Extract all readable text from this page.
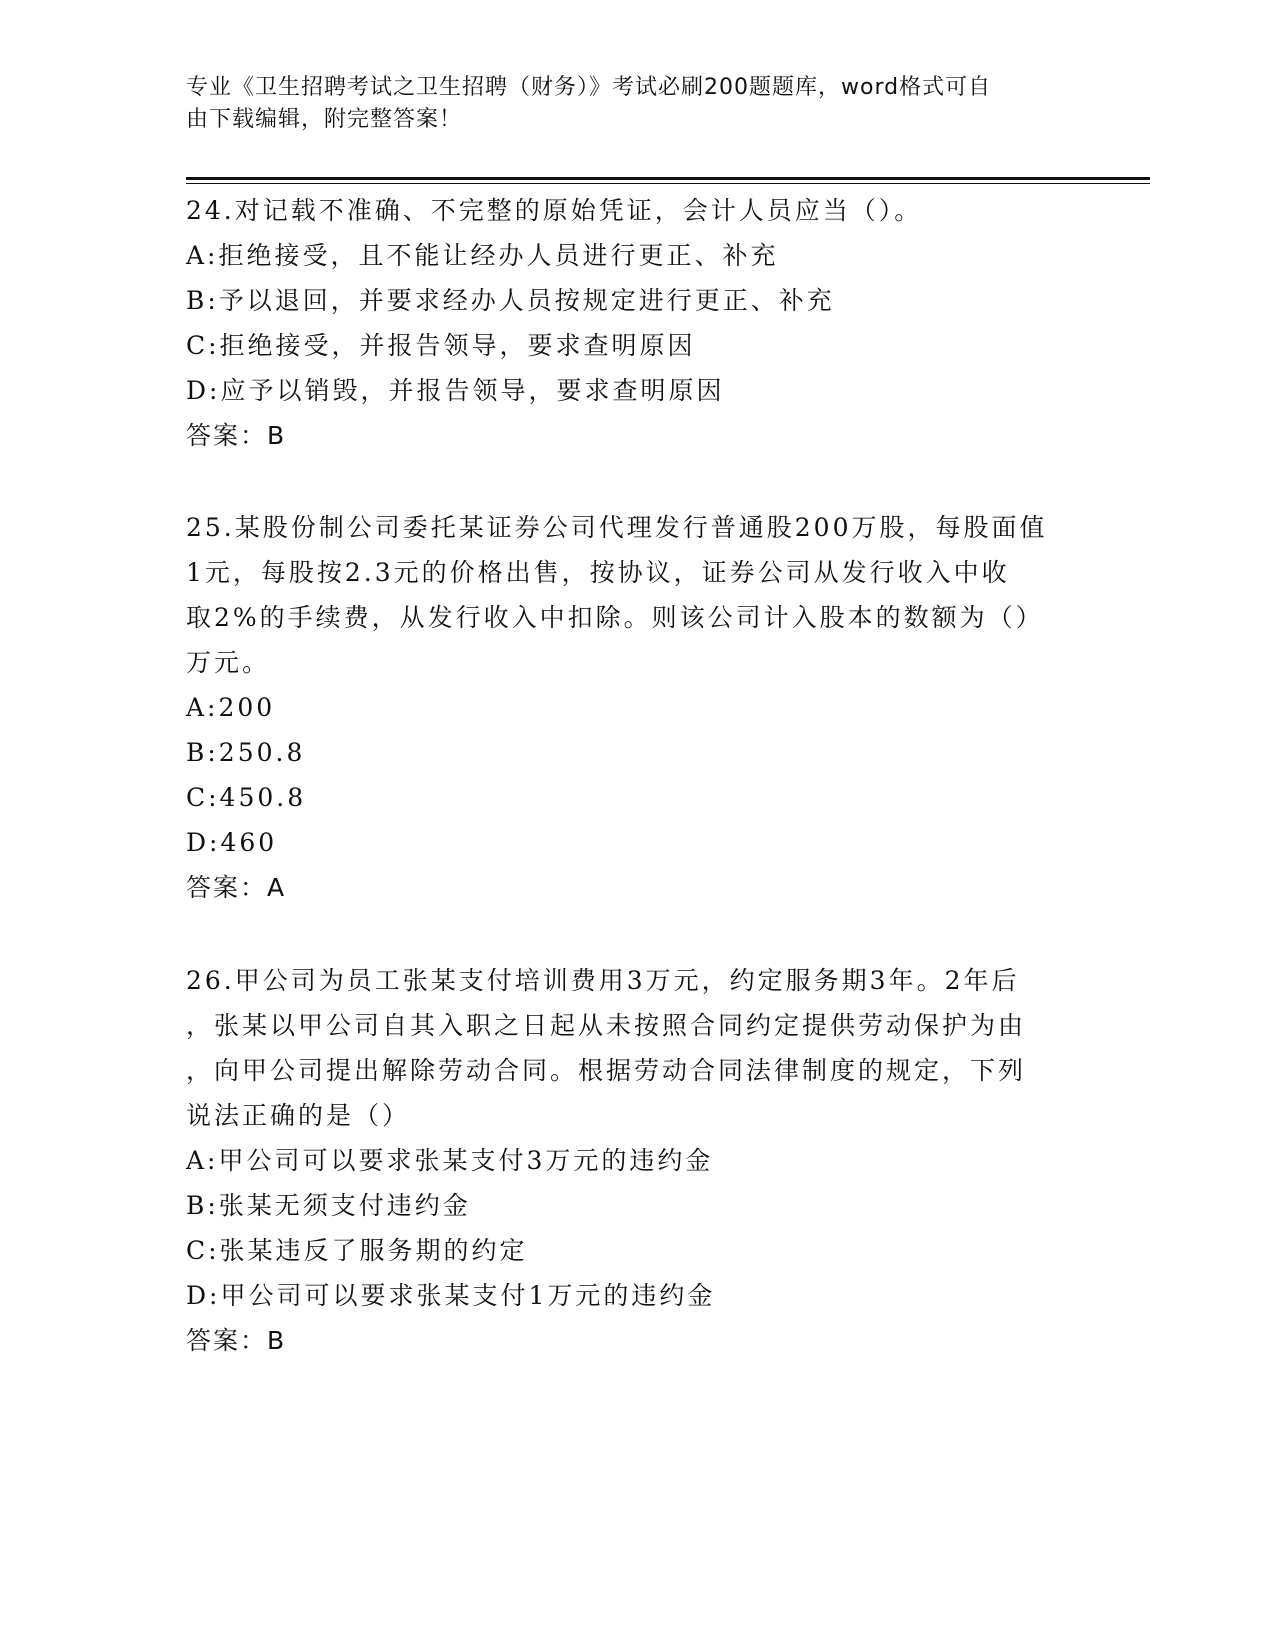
专业《卫生招聘考试之卫生招聘（财务）》考试必刷200题题库，word格式可自
由下载编辑，附完整答案！
24.对记载不准确、不完整的原始凭证，会计人员应当（）。
A:拒绝接受，且不能让经办人员进行更正、补充
B:予以退回，并要求经办人员按规定进行更正、补充
C:拒绝接受，并报告领导，要求查明原因
D:应予以销毁，并报告领导，要求查明原因
答案：B
25.某股份制公司委托某证券公司代理发行普通股200万股，每股面值
1元，每股按2.3元的价格出售，按协议，证券公司从发行收入中收
取2%的手续费，从发行收入中扣除。则该公司计入股本的数额为（）
万元。
A:200
B:250.8
C:450.8
D:460
答案：A
26.甲公司为员工张某支付培训费用3万元，约定服务期3年。2年后
，张某以甲公司自其入职之日起从未按照合同约定提供劳动保护为由
，向甲公司提出解除劳动合同。根据劳动合同法律制度的规定，下列
说法正确的是（）
A:甲公司可以要求张某支付3万元的违约金
B:张某无须支付违约金
C:张某违反了服务期的约定
D:甲公司可以要求张某支付1万元的违约金
答案：B
